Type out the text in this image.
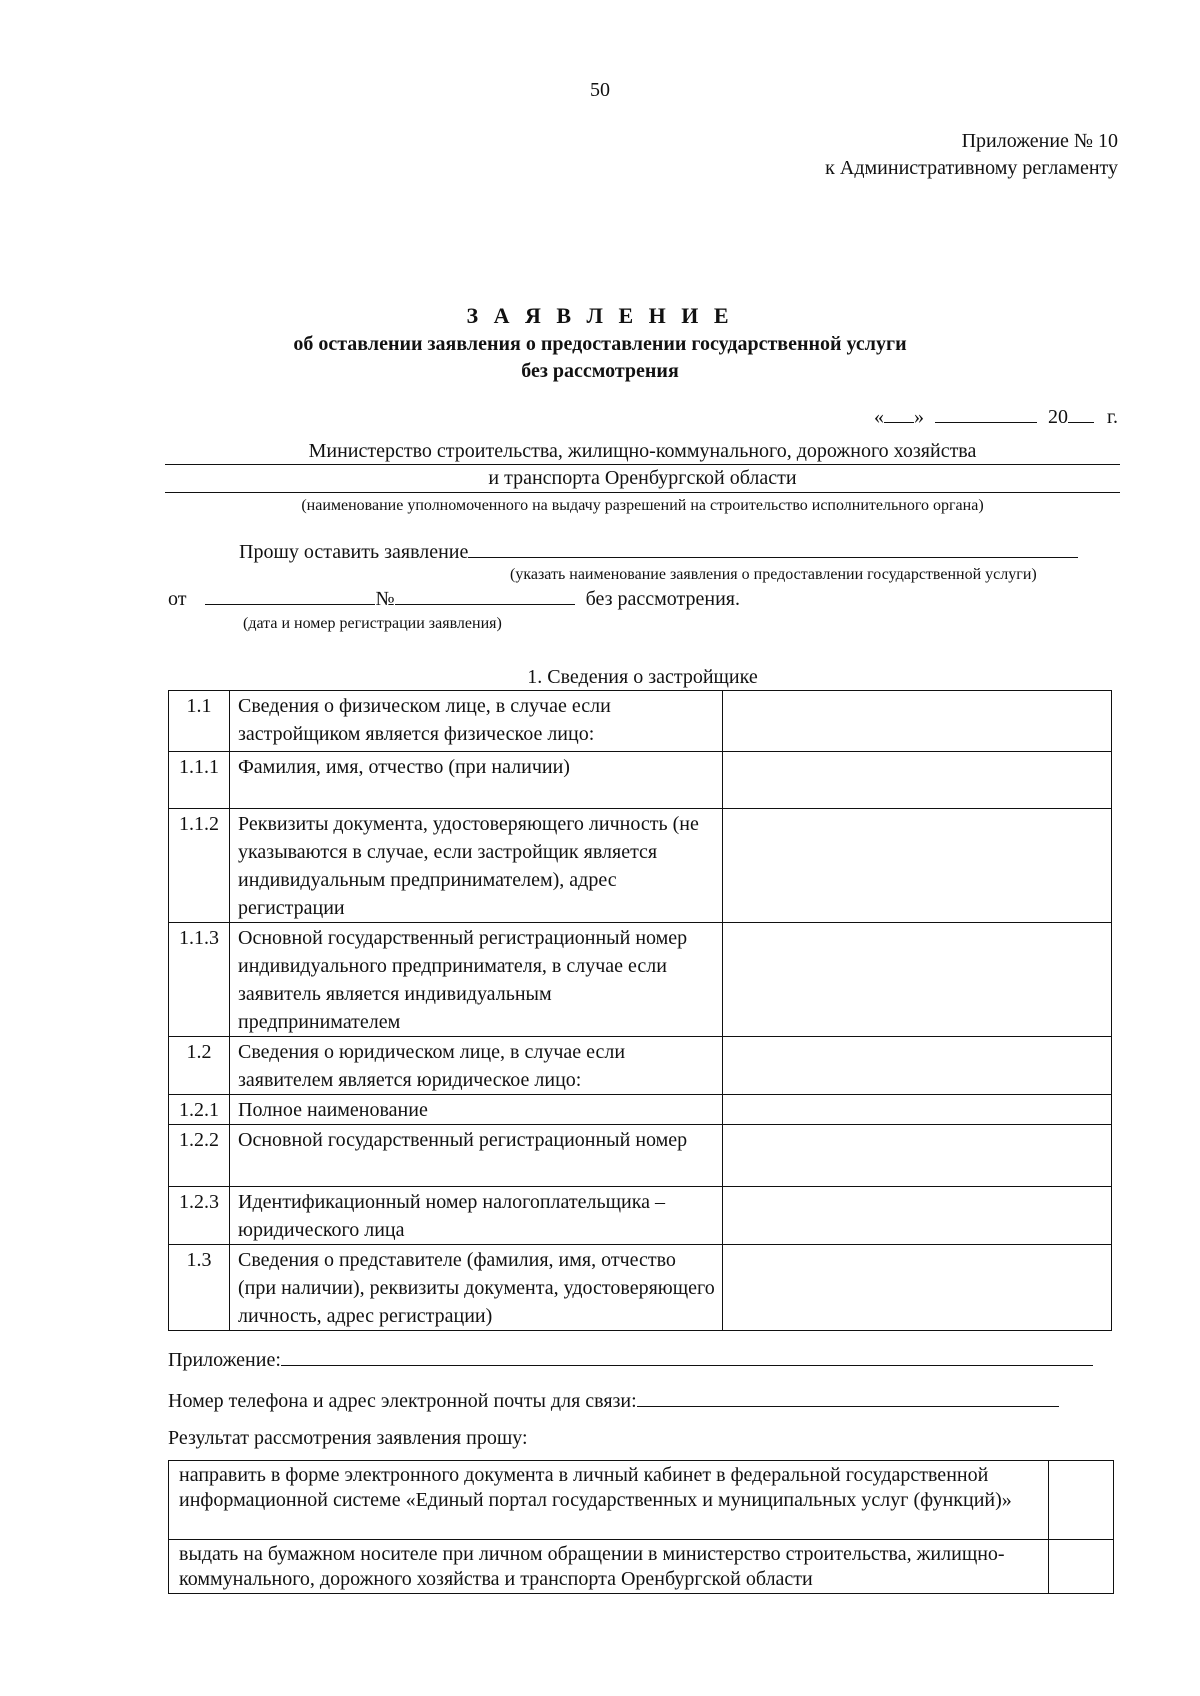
50
Приложение № 10
к Административному регламенту
З А Я В Л Е Н И Е
об оставлении заявления о предоставлении государственной услуги
без рассмотрения
« »	20 г.
Министерство строительства, жилищно-коммунального, дорожного хозяйства
и транспорта Оренбургской области
(наименование уполномоченного на выдачу разрешений на строительство исполнительного органа)
Прошу оставить заявление
(указать наименование заявления о предоставлении государственной услуги)
от	№	без рассмотрения.
(дата и номер регистрации заявления)
1. Сведения о застройщике
1.1	Сведения о физическом лице, в случае если застройщиком является физическое лицо:	
1.1.1	Фамилия, имя, отчество (при наличии)	
1.1.2	Реквизиты документа, удостоверяющего личность (не указываются в случае, если застройщик является индивидуальным предпринимателем), адрес регистрации	
1.1.3	Основной государственный регистрационный номер индивидуального предпринимателя, в случае если заявитель является индивидуальным предпринимателем	
1.2	Сведения о юридическом лице, в случае если заявителем является юридическое лицо:	
1.2.1	Полное наименование	
1.2.2	Основной государственный регистрационный номер	
1.2.3	Идентификационный номер налогоплательщика – юридического лица	
1.3	Сведения о представителе (фамилия, имя, отчество (при наличии), реквизиты документа, удостоверяющего личность, адрес регистрации)	
Приложение:
Номер телефона и адрес электронной почты для связи:
Результат рассмотрения заявления прошу:
направить в форме электронного документа в личный кабинет в федеральной государственной информационной системе «Единый портал государственных и муниципальных услуг (функций)»	
выдать на бумажном носителе при личном обращении в министерство строительства, жилищно-коммунального, дорожного хозяйства и транспорта Оренбургской области	
